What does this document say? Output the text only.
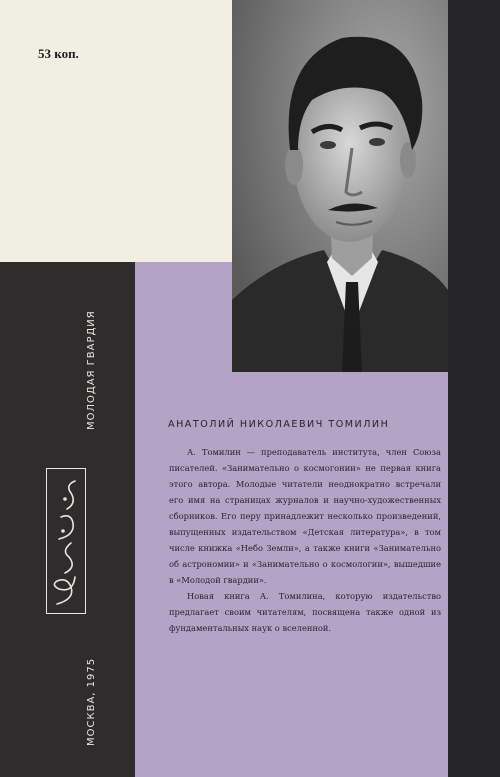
53 коп.
МОЛОДАЯ ГВАРДИЯ
МОСКВА, 1975
АНАТОЛИЙ НИКОЛАЕВИЧ ТОМИЛИН

А. Томилин — преподаватель института, член Союза писателей. «Занимательно о космогонии» не первая книга этого автора. Молодые читатели неоднократно встречали его имя на страницах журналов и научно-художественных сборников. Его перу принадлежит несколько произведений, выпущенных издательством «Детская литература», в том числе книжка «Небо Земли», а также книги «Занимательно об астрономии» и «Занимательно о космологии», вышедшие в «Молодой гвардии».

Новая книга А. Томилина, которую издательство предлагает своим читателям, посвящена также одной из фундаментальных наук о вселенной.
